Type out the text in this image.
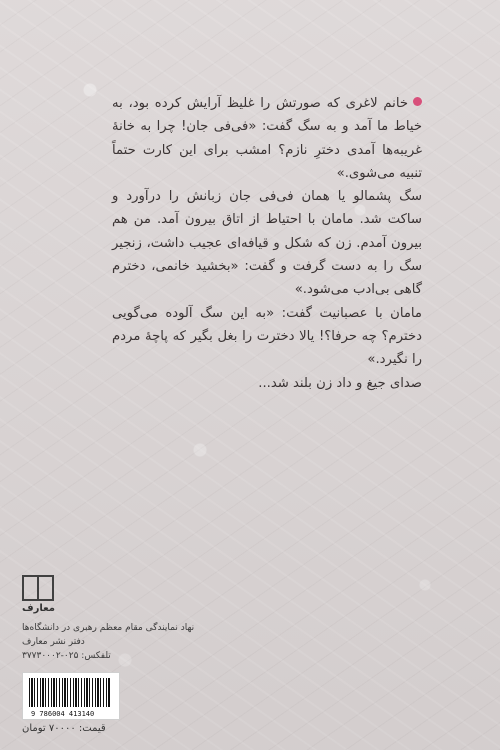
خانم لاغری که صورتش را غلیظ آرایش کرده بود، به خیاط ما آمد و به سگ گفت: «فی‌فی جان! چرا به خانهٔ غریبه‌ها آمدی دخترِ نازم؟ امشب برای این کارت حتماً تنبیه می‌شوی.»

سگ پشمالو یا همان فی‌فی جان زبانش را درآورد و ساکت شد. مامان با احتیاط از اتاق بیرون آمد. من هم بیرون آمدم. زن که شکل و قیافه‌ای عجیب داشت، زنجیر سگ را به دست گرفت و گفت: «بخشید خانمی، دخترم گاهی بی‌ادب می‌شود.»

مامان با عصبانیت گفت: «به این سگ آلوده می‌گویی دخترم؟ چه حرفا؟! یالا دخترت را بغل بگیر که پاچهٔ مردم را نگیرد.»

صدای جیغ و داد زن بلند شد...

معارف
نهاد نمایندگی مقام معظم رهبری در دانشگاه‌ها
دفتر نشر معارف
تلفکس: ۰۲۵-۳۷۷۳۰۰۰۲
9 786004 413140
قیمت: ۷۰۰۰۰ تومان
